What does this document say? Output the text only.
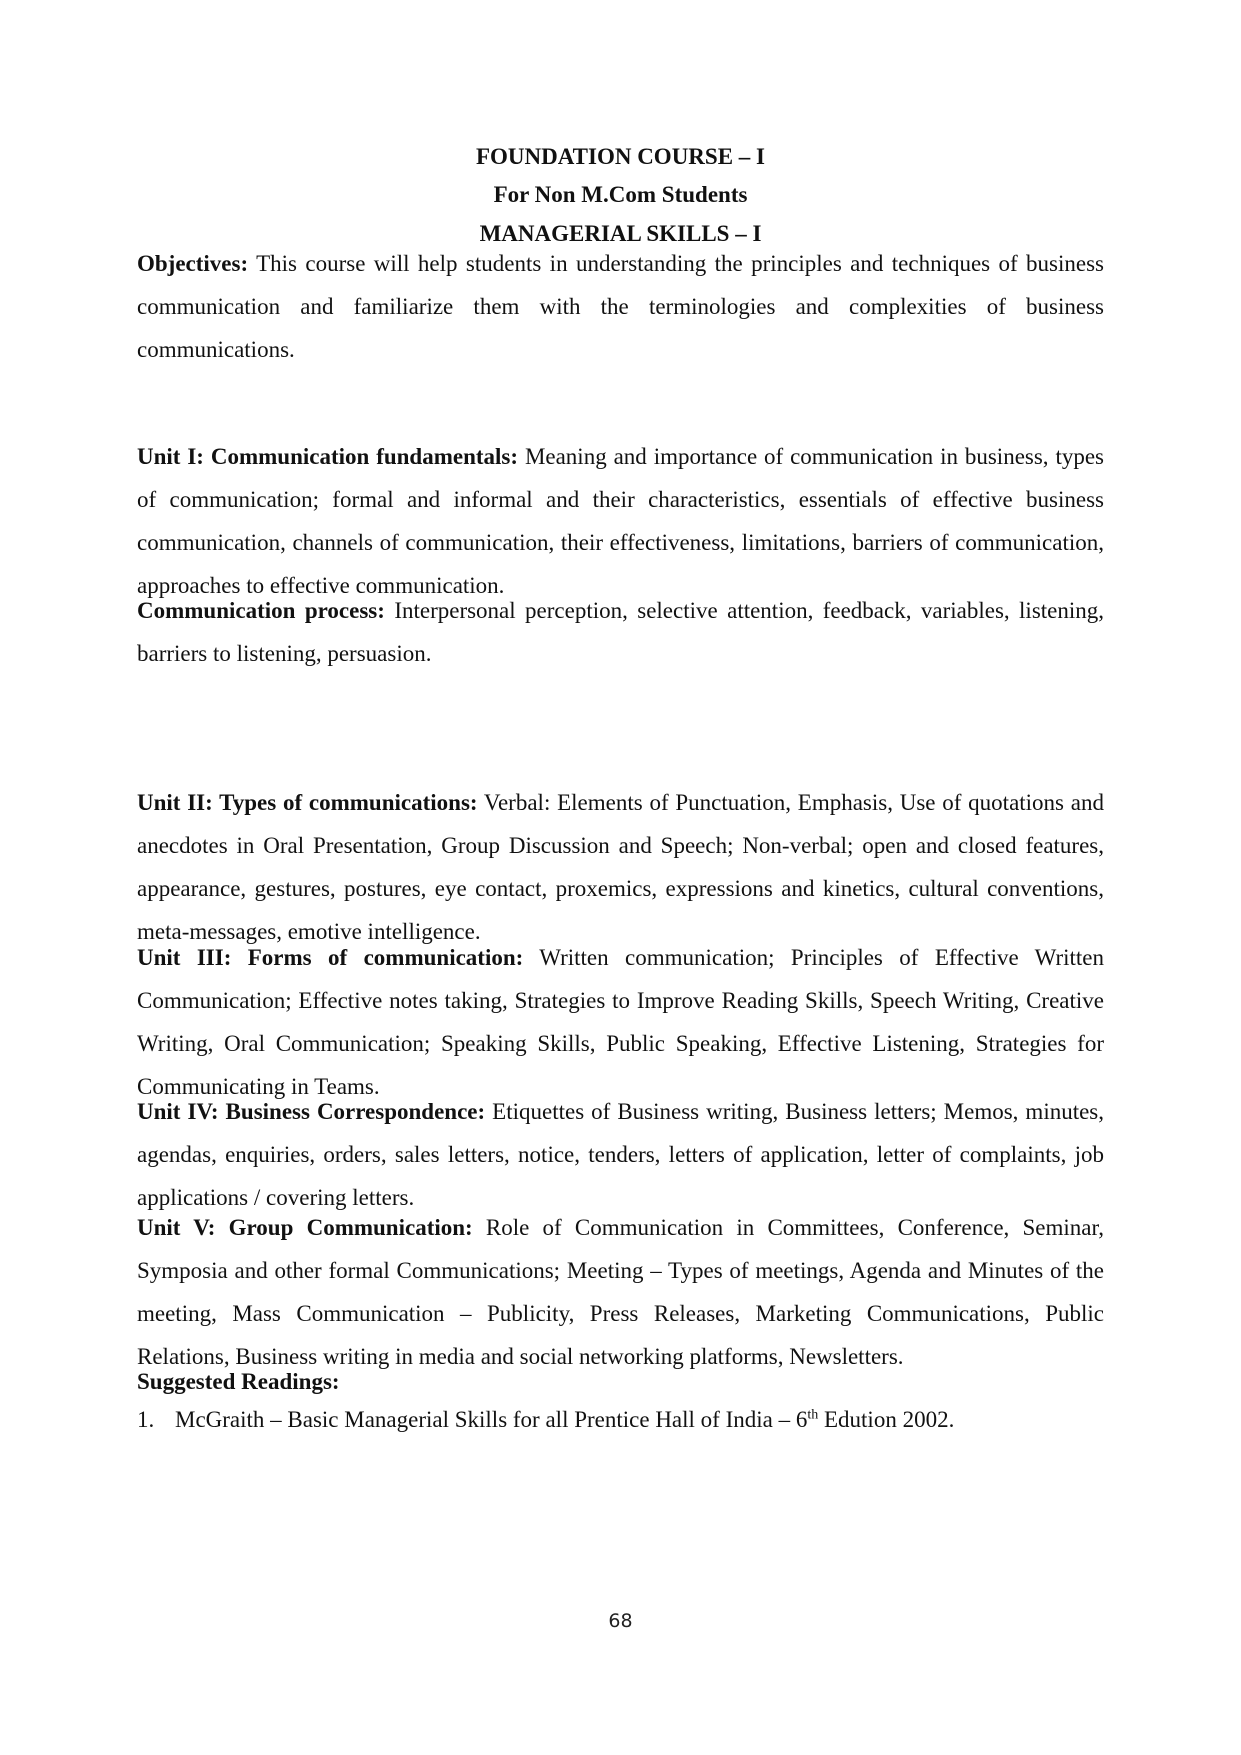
FOUNDATION COURSE – I

For Non M.Com Students

MANAGERIAL SKILLS – I

Objectives: This course will help students in understanding the principles and techniques of business communication and familiarize them with the terminologies and complexities of business communications.

Unit I: Communication fundamentals: Meaning and importance of communication in business, types of communication; formal and informal and their characteristics, essentials of effective business communication, channels of communication, their effectiveness, limitations, barriers of communication, approaches to effective communication.

Communication process: Interpersonal perception, selective attention, feedback, variables, listening, barriers to listening, persuasion.

Unit II: Types of communications: Verbal: Elements of Punctuation, Emphasis, Use of quotations and anecdotes in Oral Presentation, Group Discussion and Speech; Non-verbal; open and closed features, appearance, gestures, postures, eye contact, proxemics, expressions and kinetics, cultural conventions, meta-messages, emotive intelligence.

Unit III: Forms of communication: Written communication; Principles of Effective Written Communication; Effective notes taking, Strategies to Improve Reading Skills, Speech Writing, Creative Writing, Oral Communication; Speaking Skills, Public Speaking, Effective Listening, Strategies for Communicating in Teams.

Unit IV: Business Correspondence: Etiquettes of Business writing, Business letters; Memos, minutes, agendas, enquiries, orders, sales letters, notice, tenders, letters of application, letter of complaints, job applications / covering letters.

Unit V: Group Communication: Role of Communication in Committees, Conference, Seminar, Symposia and other formal Communications; Meeting – Types of meetings, Agenda and Minutes of the meeting, Mass Communication – Publicity, Press Releases, Marketing Communications, Public Relations, Business writing in media and social networking platforms, Newsletters.

Suggested Readings:

1. McGraith – Basic Managerial Skills for all Prentice Hall of India – 6th Edution 2002.

68
